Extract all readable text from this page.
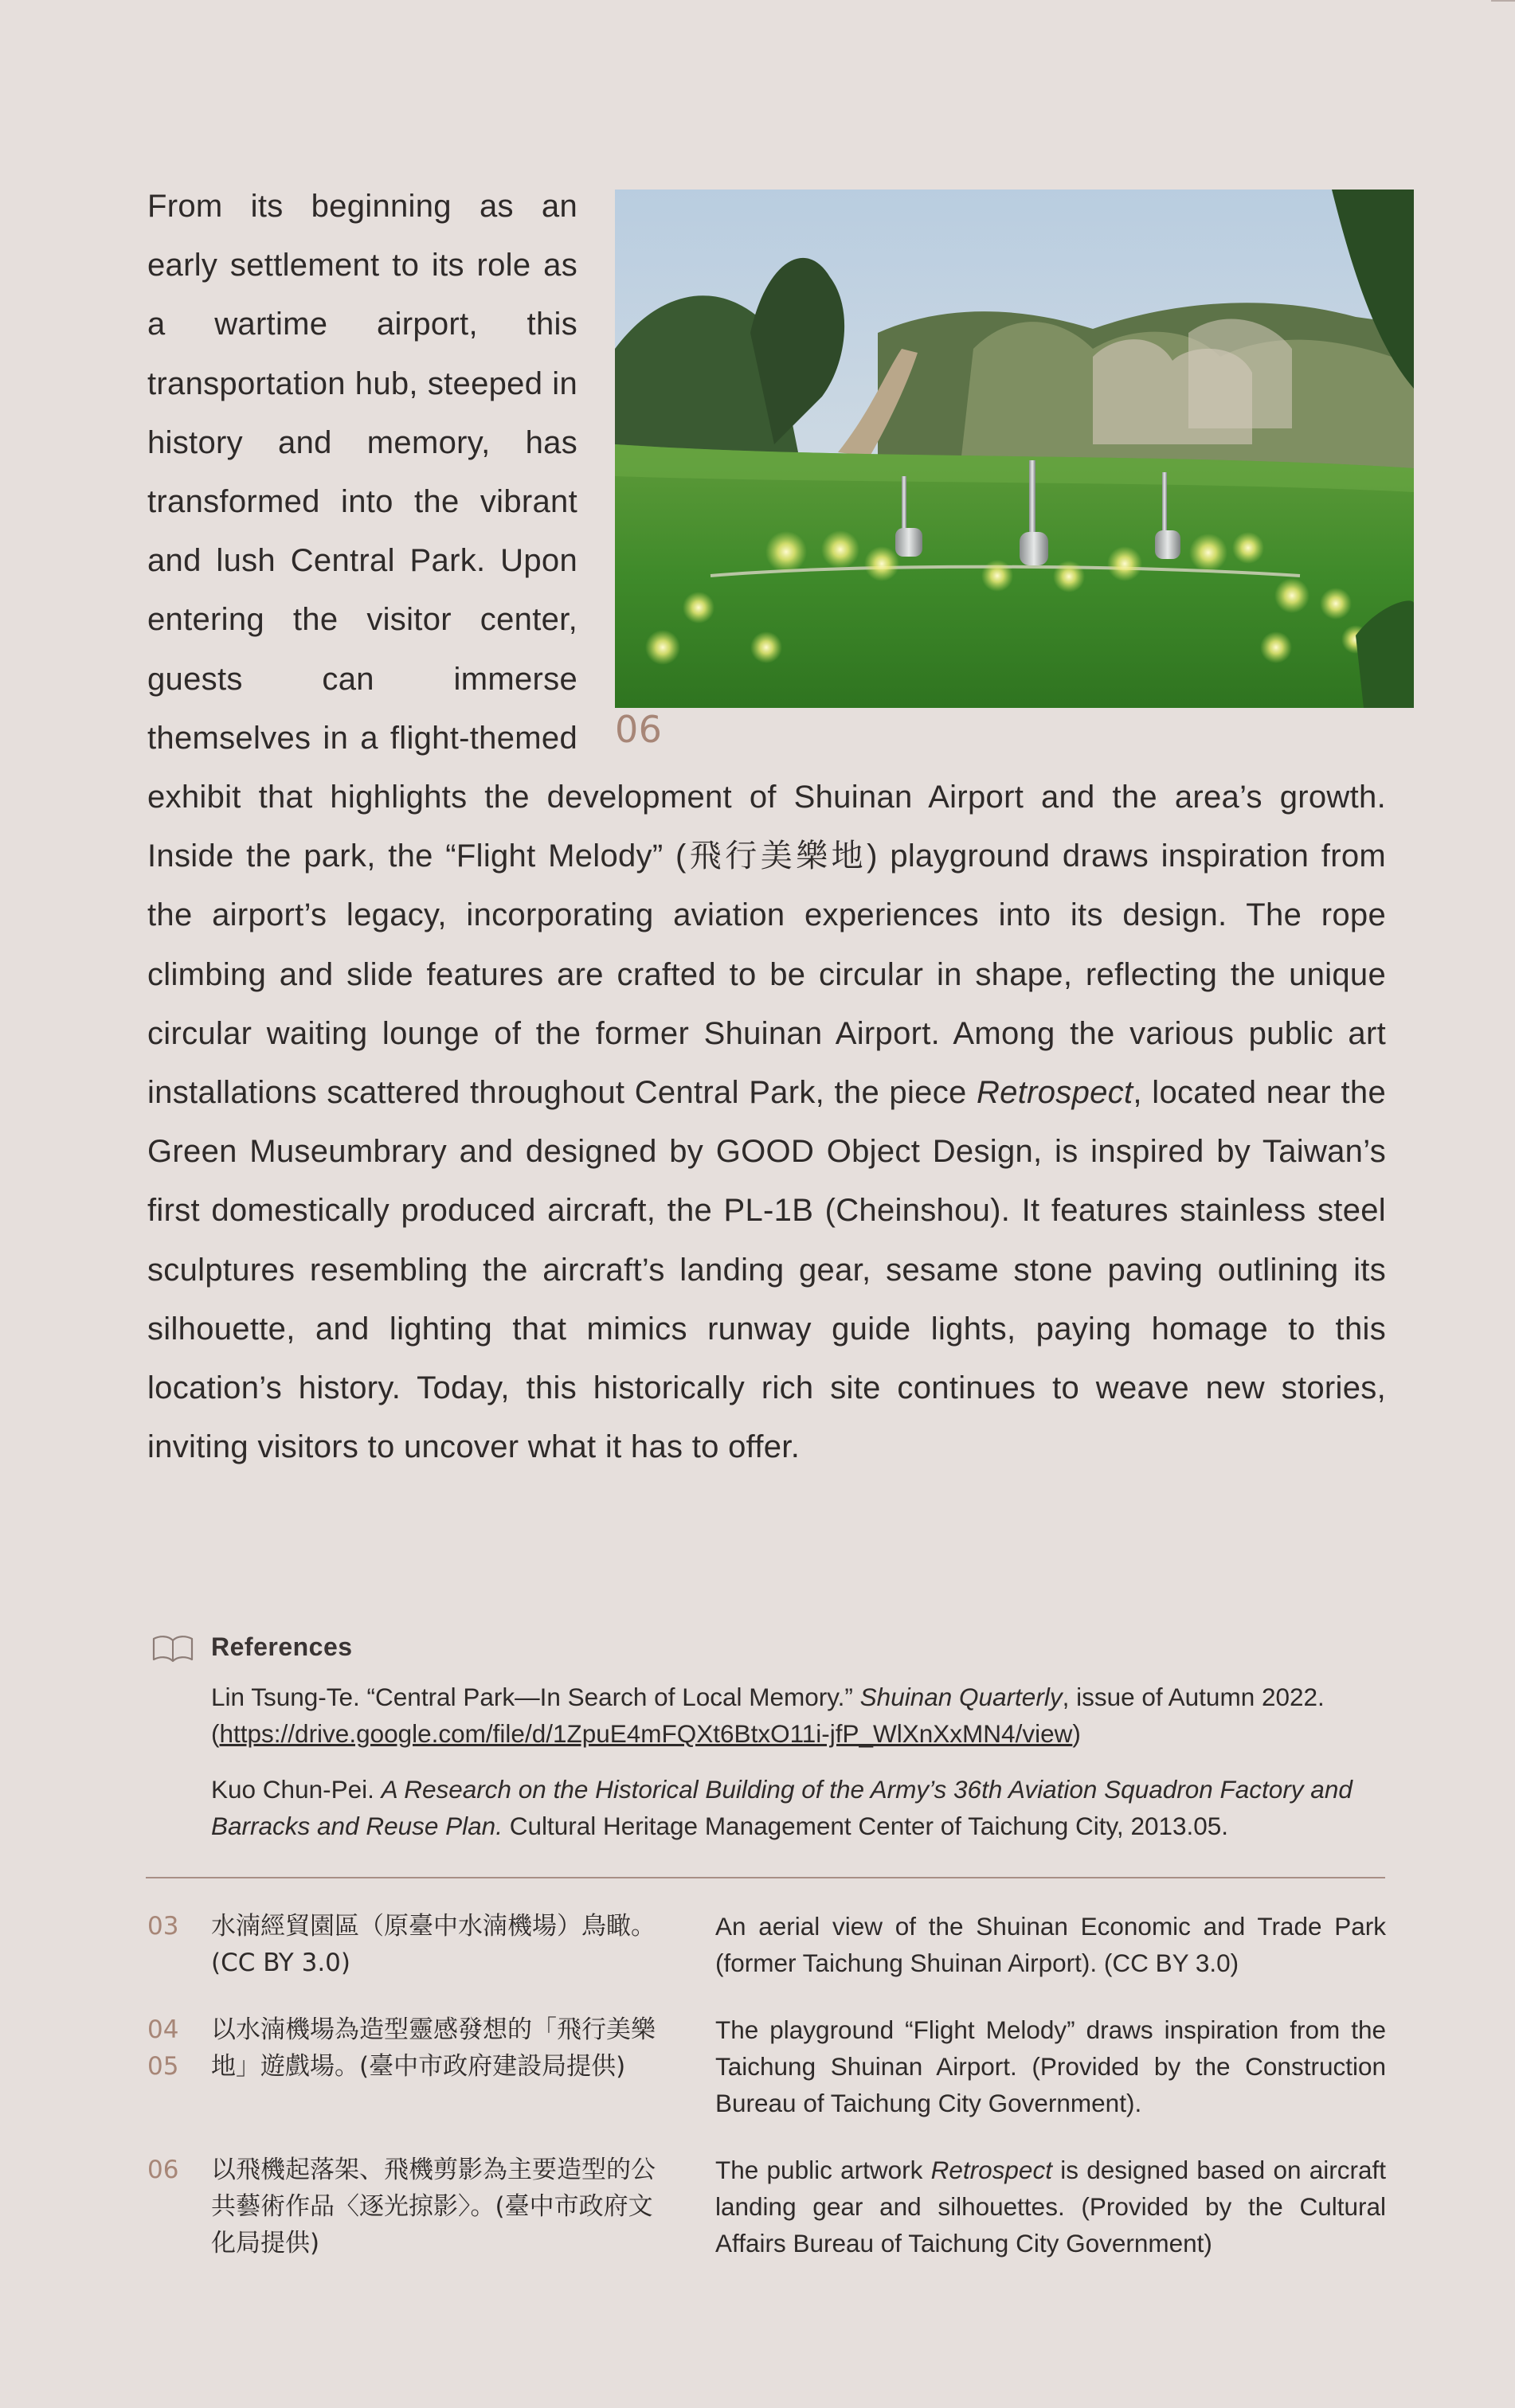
06
From its beginning as an early settlement to its role as a wartime airport, this transportation hub, steeped in history and memory, has transformed into the vibrant and lush Central Park. Upon entering the visitor center, guests can immerse themselves in a flight-themed exhibit that highlights the development of Shuinan Airport and the area’s growth. Inside the park, the “Flight Melody” (飛行美樂地) playground draws inspiration from the airport’s legacy, incorporating aviation experiences into its design. The rope climbing and slide features are crafted to be circular in shape, reflecting the unique circular waiting lounge of the former Shuinan Airport. Among the various public art installations scattered throughout Central Park, the piece Retrospect, located near the Green Museumbrary and designed by GOOD Object Design, is inspired by Taiwan’s first domestically produced aircraft, the PL-1B (Cheinshou). It features stainless steel sculptures resembling the aircraft’s landing gear, sesame stone paving outlining its silhouette, and lighting that mimics runway guide lights, paying homage to this location’s history. Today, this historically rich site continues to weave new stories, inviting visitors to uncover what it has to offer.
References
Lin Tsung-Te. “Central Park—In Search of Local Memory.” Shuinan Quarterly, issue of Autumn 2022. (https://drive.google.com/file/d/1ZpuE4mFQXt6BtxO11i-jfP_WlXnXxMN4/view)
Kuo Chun-Pei. A Research on the Historical Building of the Army’s 36th Aviation Squadron Factory and Barracks and Reuse Plan. Cultural Heritage Management Center of Taichung City, 2013.05.
03	水湳經貿園區（原臺中水湳機場）鳥瞰。(CC BY 3.0)
An aerial view of the Shuinan Economic and Trade Park (former Taichung Shuinan Airport). (CC BY 3.0)
04
05
以水湳機場為造型靈感發想的「飛行美樂地」遊戲場。(臺中市政府建設局提供)
The playground “Flight Melody” draws inspiration from the Taichung Shuinan Airport. (Provided by the Construction Bureau of Taichung City Government).
06	以飛機起落架、飛機剪影為主要造型的公共藝術作品〈逐光掠影〉。(臺中市政府文化局提供)
The public artwork Retrospect is designed based on aircraft landing gear and silhouettes. (Provided by the Cultural Affairs Bureau of Taichung City Government)
